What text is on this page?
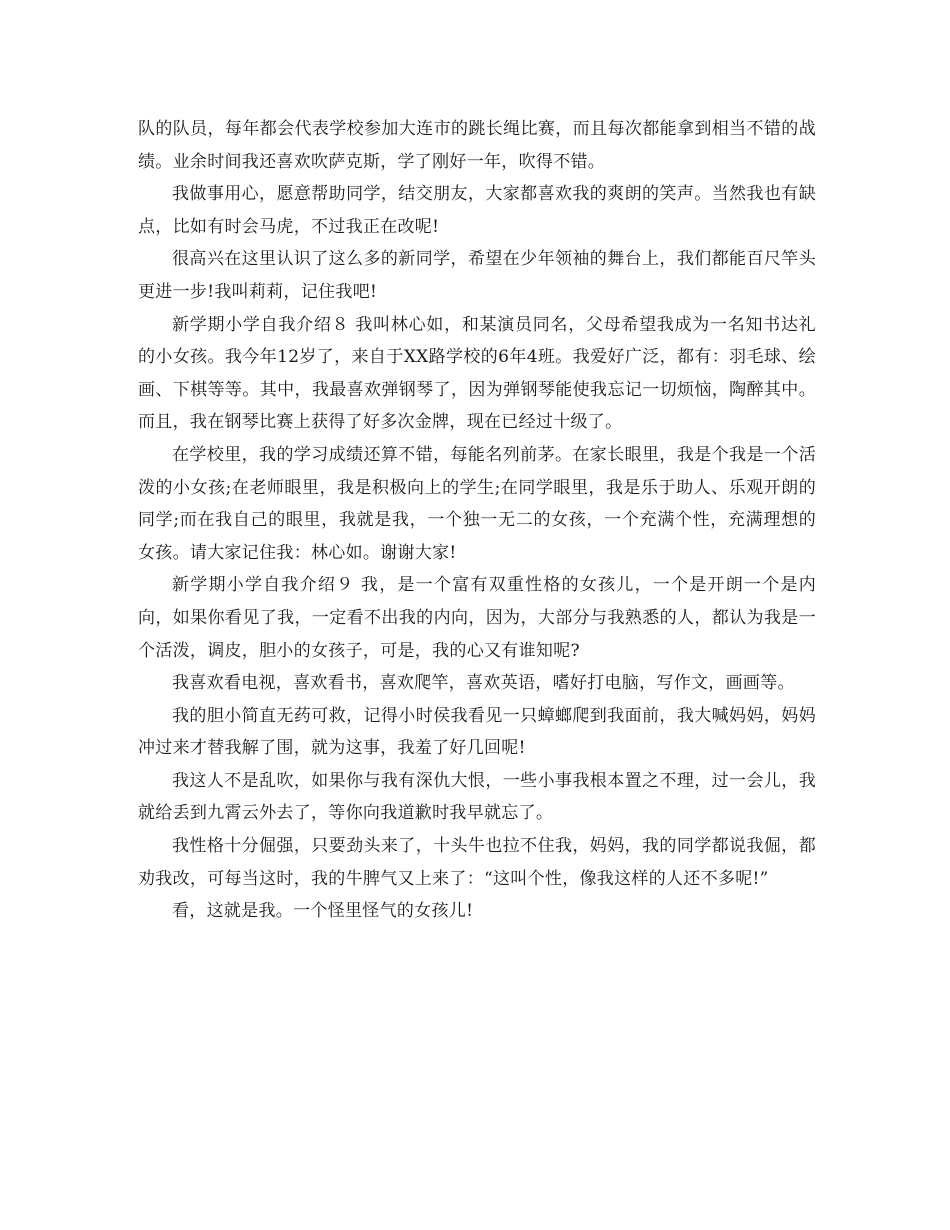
队的队员，每年都会代表学校参加大连市的跳长绳比赛，而且每次都能拿到相当不错的战绩。业余时间我还喜欢吹萨克斯，学了刚好一年，吹得不错。

我做事用心，愿意帮助同学，结交朋友，大家都喜欢我的爽朗的笑声。当然我也有缺点，比如有时会马虎，不过我正在改呢!

很高兴在这里认识了这么多的新同学，希望在少年领袖的舞台上，我们都能百尺竿头更进一步!我叫莉莉，记住我吧!

新学期小学自我介绍８ 我叫林心如，和某演员同名，父母希望我成为一名知书达礼的小女孩。我今年12岁了，来自于XX路学校的6年4班。我爱好广泛，都有：羽毛球、绘画、下棋等等。其中，我最喜欢弹钢琴了，因为弹钢琴能使我忘记一切烦恼，陶醉其中。而且，我在钢琴比赛上获得了好多次金牌，现在已经过十级了。

在学校里，我的学习成绩还算不错，每能名列前茅。在家长眼里，我是个我是一个活泼的小女孩;在老师眼里，我是积极向上的学生;在同学眼里，我是乐于助人、乐观开朗的同学;而在我自己的眼里，我就是我，一个独一无二的女孩，一个充满个性，充满理想的女孩。请大家记住我：林心如。谢谢大家!

新学期小学自我介绍９ 我，是一个富有双重性格的女孩儿，一个是开朗一个是内向，如果你看见了我，一定看不出我的内向，因为，大部分与我熟悉的人，都认为我是一个活泼，调皮，胆小的女孩子，可是，我的心又有谁知呢?

我喜欢看电视，喜欢看书，喜欢爬竿，喜欢英语，嗜好打电脑，写作文，画画等。

我的胆小简直无药可救，记得小时侯我看见一只蟑螂爬到我面前，我大喊妈妈，妈妈冲过来才替我解了围，就为这事，我羞了好几回呢!

我这人不是乱吹，如果你与我有深仇大恨，一些小事我根本置之不理，过一会儿，我就给丢到九霄云外去了，等你向我道歉时我早就忘了。

我性格十分倔强，只要劲头来了，十头牛也拉不住我，妈妈，我的同学都说我倔，都劝我改，可每当这时，我的牛脾气又上来了：“这叫个性，像我这样的人还不多呢!”

看，这就是我。一个怪里怪气的女孩儿!
